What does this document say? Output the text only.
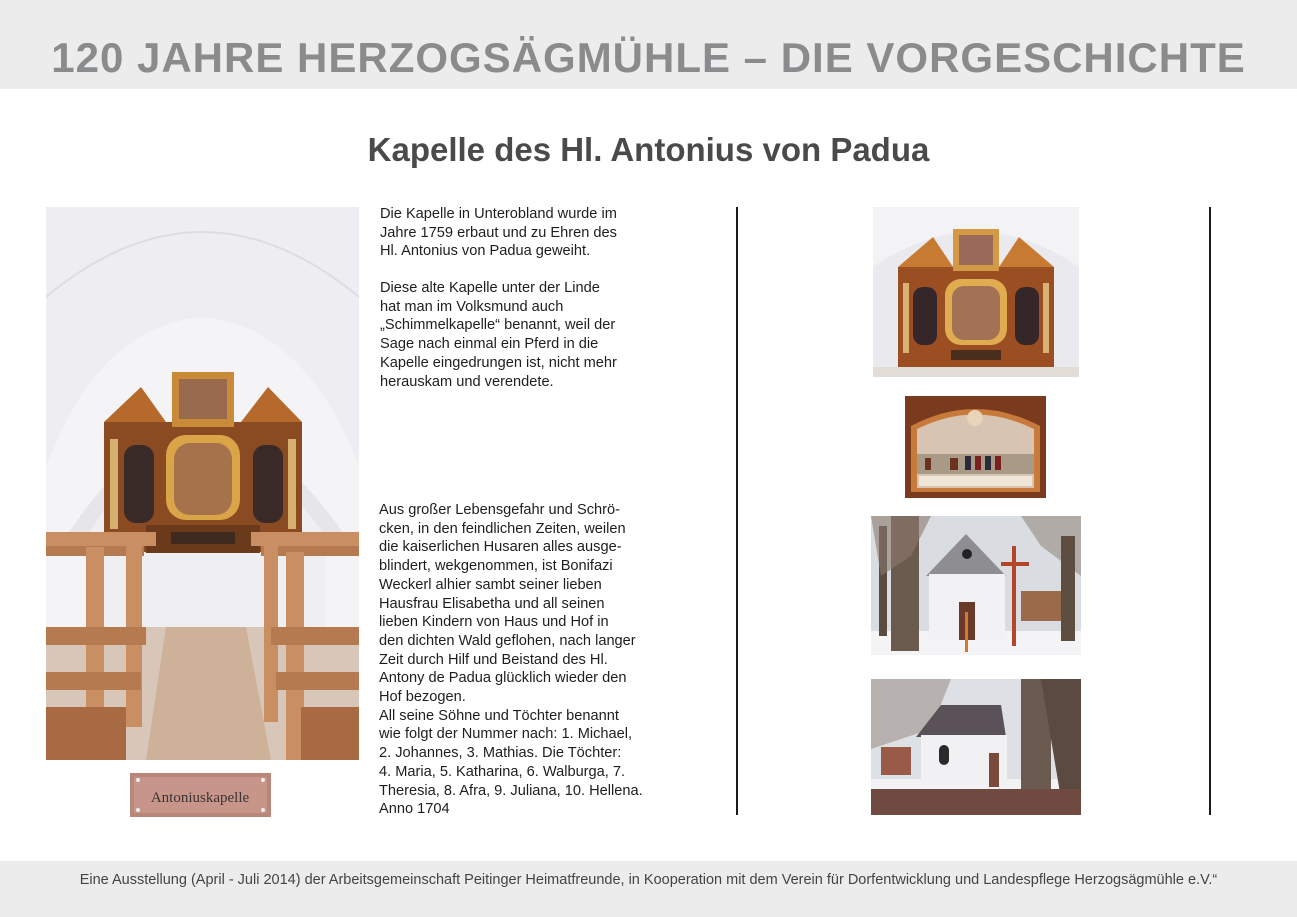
120 JAHRE HERZOGSÄGMÜHLE – DIE VORGESCHICHTE
Kapelle des Hl. Antonius von Padua
Antoniuskapelle
Die Kapelle in Unterobland wurde im
Jahre 1759 erbaut und zu Ehren des
Hl. Antonius von Padua geweiht.
Diese alte Kapelle unter der Linde
hat man im Volksmund auch
„Schimmelkapelle“ benannt, weil der
Sage nach einmal ein Pferd in die
Kapelle eingedrungen ist, nicht mehr
herauskam und verendete.
Aus großer Lebensgefahr und Schrö-
cken, in den feindlichen Zeiten, weilen
die kaiserlichen Husaren alles ausge-
blindert, wekgenommen, ist Bonifazi
Weckerl alhier sambt seiner lieben
Hausfrau Elisabetha und all seinen
lieben Kindern von Haus und Hof in
den dichten Wald geflohen, nach langer
Zeit durch Hilf und Beistand des Hl.
Antony de Padua glücklich wieder den
Hof bezogen.
All seine Söhne und Töchter benannt
wie folgt der Nummer nach: 1. Michael,
2. Johannes, 3. Mathias. Die Töchter:
4. Maria, 5. Katharina, 6. Walburga, 7.
Theresia, 8. Afra, 9. Juliana, 10. Hellena.
Anno 1704
Eine Ausstellung (April - Juli 2014) der Arbeitsgemeinschaft Peitinger Heimatfreunde, in Kooperation mit dem Verein für Dorfentwicklung und Landespflege Herzogsägmühle e.V.“
